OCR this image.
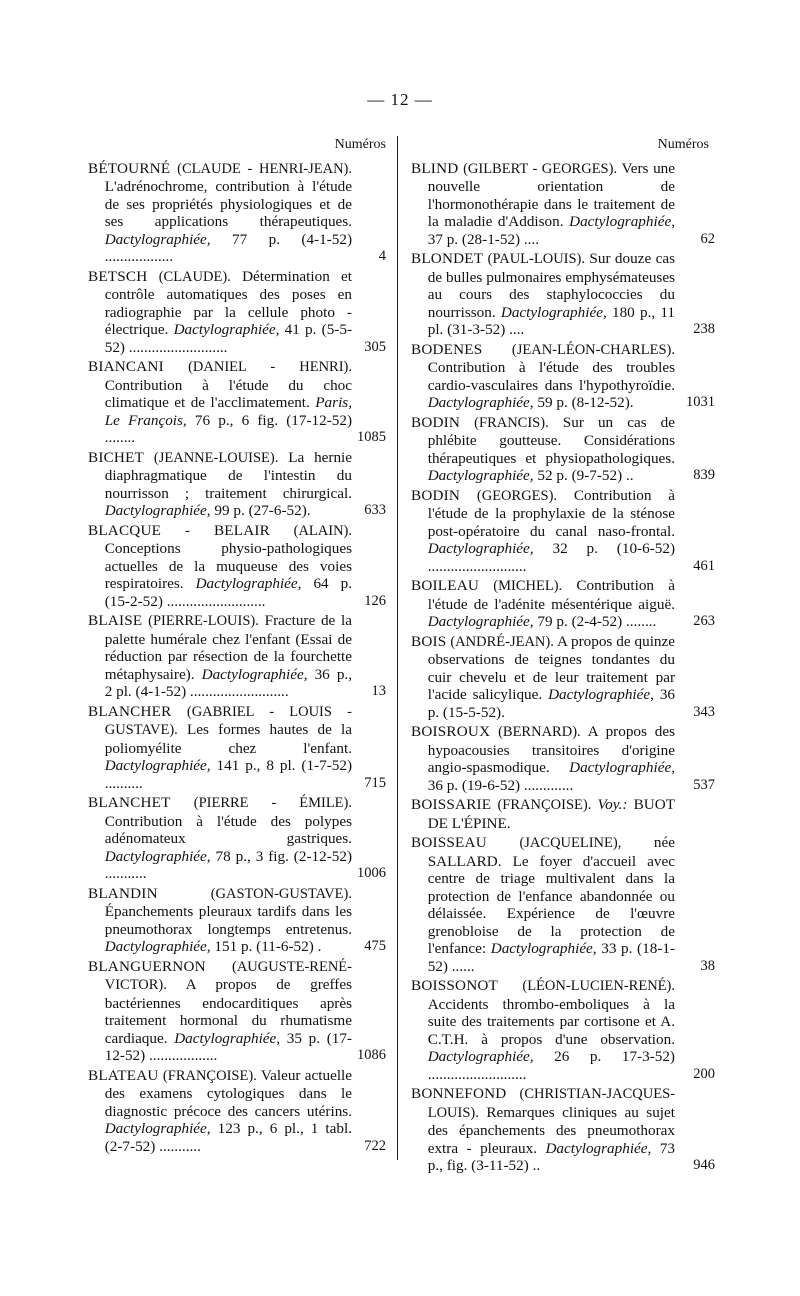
— 12 —
Numéros

BÉTOURNÉ (CLAUDE - HENRI-JEAN). L'adrénochrome, contribution à l'étude de ses propriétés physiologiques et de ses applications thérapeutiques. Dactylographiée, 77 p. (4-1-52) ..................	4

BETSCH (CLAUDE). Détermination et contrôle automatiques des poses en radiographie par la cellule photo - électrique. Dactylographiée, 41 p. (5-5-52) ..........................	305

BIANCANI (DANIEL - HENRI). Contribution à l'étude du choc climatique et de l'acclimatement. Paris, Le François, 76 p., 6 fig. (17-12-52) ........	1085

BICHET (JEANNE-LOUISE). La hernie diaphragmatique de l'intestin du nourrisson ; traitement chirurgical. Dactylographiée, 99 p. (27-6-52).	633

BLACQUE - BELAIR (ALAIN). Conceptions physio-pathologiques actuelles de la muqueuse des voies respiratoires. Dactylographiée, 64 p. (15-2-52) ..........................	126

BLAISE (PIERRE-LOUIS). Fracture de la palette humérale chez l'enfant (Essai de réduction par résection de la fourchette métaphysaire). Dactylographiée, 36 p., 2 pl. (4-1-52) ..........................	13

BLANCHER (GABRIEL - LOUIS - GUSTAVE). Les formes hautes de la poliomyélite chez l'enfant. Dactylographiée, 141 p., 8 pl. (1-7-52) ..........	715

BLANCHET (PIERRE - ÉMILE). Contribution à l'étude des polypes adénomateux gastriques. Dactylographiée, 78 p., 3 fig. (2-12-52) ...........	1006

BLANDIN	(GASTON-GUSTAVE). Épanchements pleuraux tardifs dans les pneumothorax longtemps entretenus. Dactylographiée, 151 p. (11-6-52) .	475

BLANGUERNON (AUGUSTE-RENÉ-VICTOR). A propos de greffes bactériennes endocarditiques après traitement hormonal du rhumatisme cardiaque. Dactylographiée, 35 p. (17-12-52) ..................	1086

BLATEAU (FRANÇOISE). Valeur actuelle des examens cytologiques dans le diagnostic précoce des cancers utérins. Dactylographiée, 123 p., 6 pl., 1 tabl. (2-7-52) ...........	722

Numéros

BLIND (GILBERT - GEORGES). Vers une nouvelle orientation de l'hormonothérapie dans le traitement de la maladie d'Addison. Dactylographiée, 37 p. (28-1-52) ....	62

BLONDET (PAUL-LOUIS). Sur douze cas de bulles pulmonaires emphysémateuses au cours des staphylococcies du nourrisson. Dactylographiée, 180 p., 11 pl. (31-3-52) ....	238

BODENES (JEAN-LÉON-CHARLES). Contribution à l'étude des troubles cardio-vasculaires dans l'hypothyroïdie. Dactylographiée, 59 p. (8-12-52).	1031

BODIN (FRANCIS). Sur un cas de phlébite goutteuse. Considérations thérapeutiques et physiopathologiques. Dactylographiée, 52 p. (9-7-52) ..	839

BODIN (GEORGES). Contribution à l'étude de la prophylaxie de la sténose post-opératoire du canal naso-frontal. Dactylographiée, 32 p. (10-6-52) ..........................	461

BOILEAU (MICHEL). Contribution à l'étude de l'adénite mésentérique aiguë. Dactylographiée, 79 p. (2-4-52) ........	263

BOIS (ANDRÉ-JEAN). A propos de quinze observations de teignes tondantes du cuir chevelu et de leur traitement par l'acide salicylique. Dactylographiée, 36 p. (15-5-52).	343

BOISROUX (BERNARD). A propos des hypoacousies transitoires d'origine angio-spasmodique. Dactylographiée, 36 p. (19-6-52) .............	537

BOISSARIE (FRANÇOISE). Voy.: BUOT DE L'ÉPINE.

BOISSEAU (JACQUELINE), née SALLARD. Le foyer d'accueil avec centre de triage multivalent dans la protection de l'enfance abandonnée ou délaissée. Expérience de l'œuvre grenobloise de la protection de l'enfance: Dactylographiée, 33 p. (18-1-52) ......	38

BOISSONOT (LÉON-LUCIEN-RENÉ). Accidents thrombo-emboliques à la suite des traitements par cortisone et A. C.T.H. à propos d'une observation. Dactylographiée, 26 p. 17-3-52) ..........................	200

BONNEFOND (CHRISTIAN-JACQUES-LOUIS). Remarques cliniques au sujet des épanchements des pneumothorax extra - pleuraux. Dactylographiée, 73 p., fig. (3-11-52) ..	946
